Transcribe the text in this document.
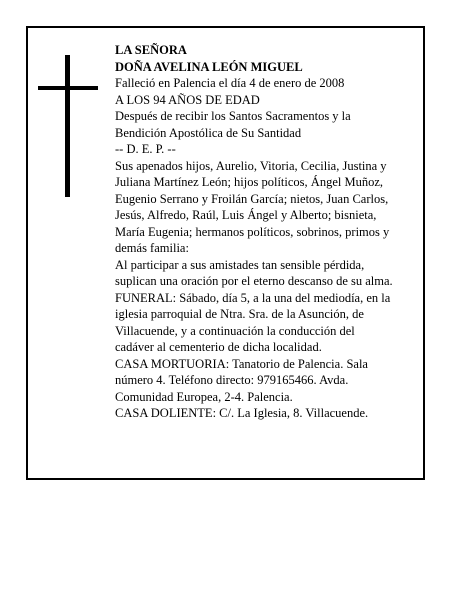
LA SEÑORA

DOÑA AVELINA LEÓN MIGUEL

Falleció en Palencia el día 4 de enero de 2008

A LOS 94 AÑOS DE EDAD

Después de recibir los Santos Sacramentos y la
Bendición Apostólica de Su Santidad

-- D. E. P. --

Sus apenados hijos, Aurelio, Vitoria, Cecilia, Justina y
Juliana Martínez León; hijos políticos, Ángel Muñoz,
Eugenio Serrano y Froilán García; nietos, Juan Carlos,
Jesús, Alfredo, Raúl, Luis Ángel y Alberto; bisnieta,
María Eugenia; hermanos políticos, sobrinos, primos y
demás familia:

Al participar a sus amistades tan sensible pérdida,
suplican una oración por el eterno descanso de su alma.

FUNERAL: Sábado, día 5, a la una del mediodía, en la
iglesia parroquial de Ntra. Sra. de la Asunción, de
Villacuende, y a continuación la conducción del
cadáver al cementerio de dicha localidad.

CASA MORTUORIA: Tanatorio de Palencia. Sala
número 4. Teléfono directo: 979165466. Avda.
Comunidad Europea, 2-4. Palencia.

CASA DOLIENTE: C/. La Iglesia, 8. Villacuende.
